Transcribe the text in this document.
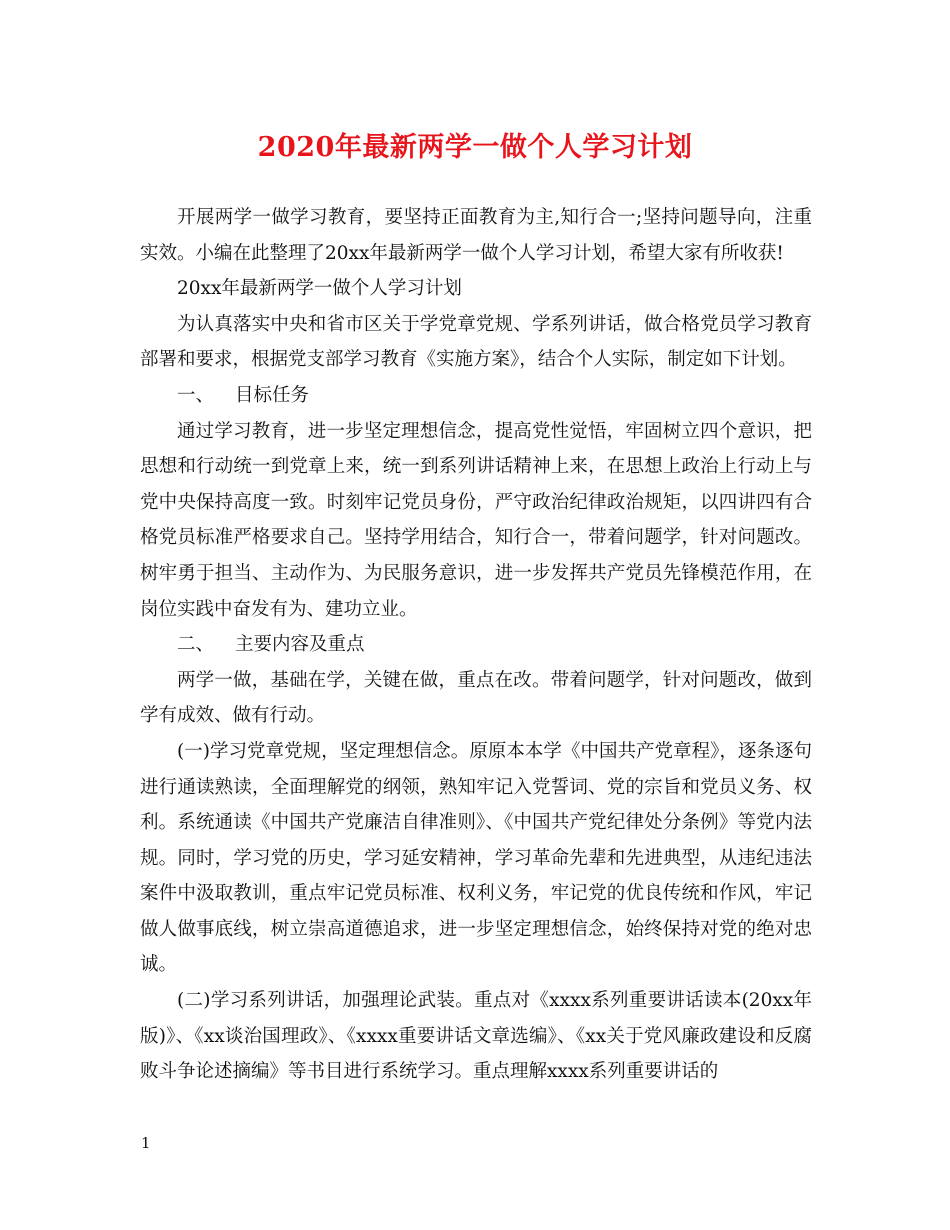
2020年最新两学一做个人学习计划

开展两学一做学习教育，要坚持正面教育为主,知行合一;坚持问题导向，注重实效。小编在此整理了20xx年最新两学一做个人学习计划，希望大家有所收获!

20xx年最新两学一做个人学习计划

为认真落实中央和省市区关于学党章党规、学系列讲话，做合格党员学习教育部署和要求，根据党支部学习教育《实施方案》，结合个人实际，制定如下计划。

一、 目标任务

通过学习教育，进一步坚定理想信念，提高党性觉悟，牢固树立四个意识，把思想和行动统一到党章上来，统一到系列讲话精神上来，在思想上政治上行动上与党中央保持高度一致。时刻牢记党员身份，严守政治纪律政治规矩，以四讲四有合格党员标准严格要求自己。坚持学用结合，知行合一，带着问题学，针对问题改。树牢勇于担当、主动作为、为民服务意识，进一步发挥共产党员先锋模范作用，在岗位实践中奋发有为、建功立业。

二、 主要内容及重点

两学一做，基础在学，关键在做，重点在改。带着问题学，针对问题改，做到学有成效、做有行动。

(一)学习党章党规，坚定理想信念。原原本本学《中国共产党章程》，逐条逐句进行通读熟读，全面理解党的纲领，熟知牢记入党誓词、党的宗旨和党员义务、权利。系统通读《中国共产党廉洁自律准则》、《中国共产党纪律处分条例》等党内法规。同时，学习党的历史，学习延安精神，学习革命先辈和先进典型，从违纪违法案件中汲取教训，重点牢记党员标准、权利义务，牢记党的优良传统和作风，牢记做人做事底线，树立崇高道德追求，进一步坚定理想信念，始终保持对党的绝对忠诚。

(二)学习系列讲话，加强理论武装。重点对《xxxx系列重要讲话读本(20xx年版)》、《xx谈治国理政》、《xxxx重要讲话文章选编》、《xx关于党风廉政建设和反腐败斗争论述摘编》等书目进行系统学习。重点理解xxxx系列重要讲话的

1
